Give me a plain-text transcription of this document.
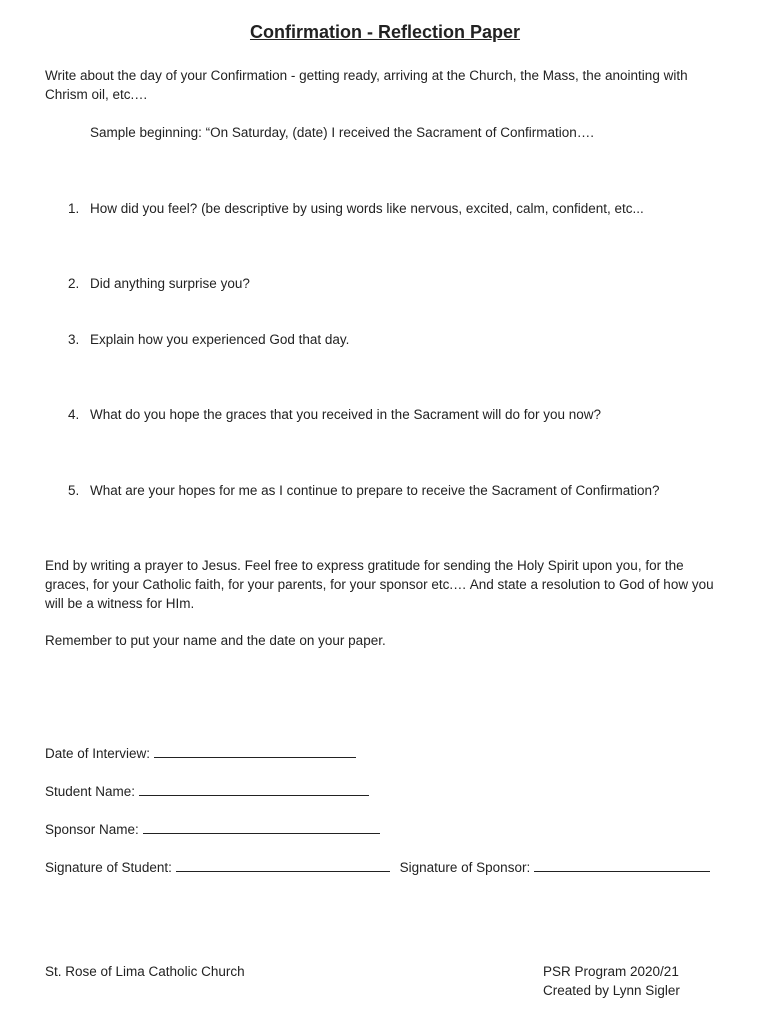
Confirmation - Reflection Paper
Write about the day of your Confirmation - getting ready, arriving at the Church, the Mass, the anointing with Chrism oil, etc.…
Sample beginning: “On Saturday, (date) I received the Sacrament of Confirmation….
1. How did you feel? (be descriptive by using words like nervous, excited, calm, confident, etc...
2. Did anything surprise you?
3. Explain how you experienced God that day.
4. What do you hope the graces that you received in the Sacrament will do for you now?
5. What are your hopes for me as I continue to prepare to receive the Sacrament of Confirmation?
End by writing a prayer to Jesus. Feel free to express gratitude for sending the Holy Spirit upon you, for the graces, for your Catholic faith, for your parents, for your sponsor etc.… And state a resolution to God of how you will be a witness for HIm.
Remember to put your name and the date on your paper.
Date of Interview:
Student Name:
Sponsor Name:
Signature of Student:	Signature of Sponsor:
St. Rose of Lima Catholic Church	PSR Program 2020/21
Created by Lynn Sigler
